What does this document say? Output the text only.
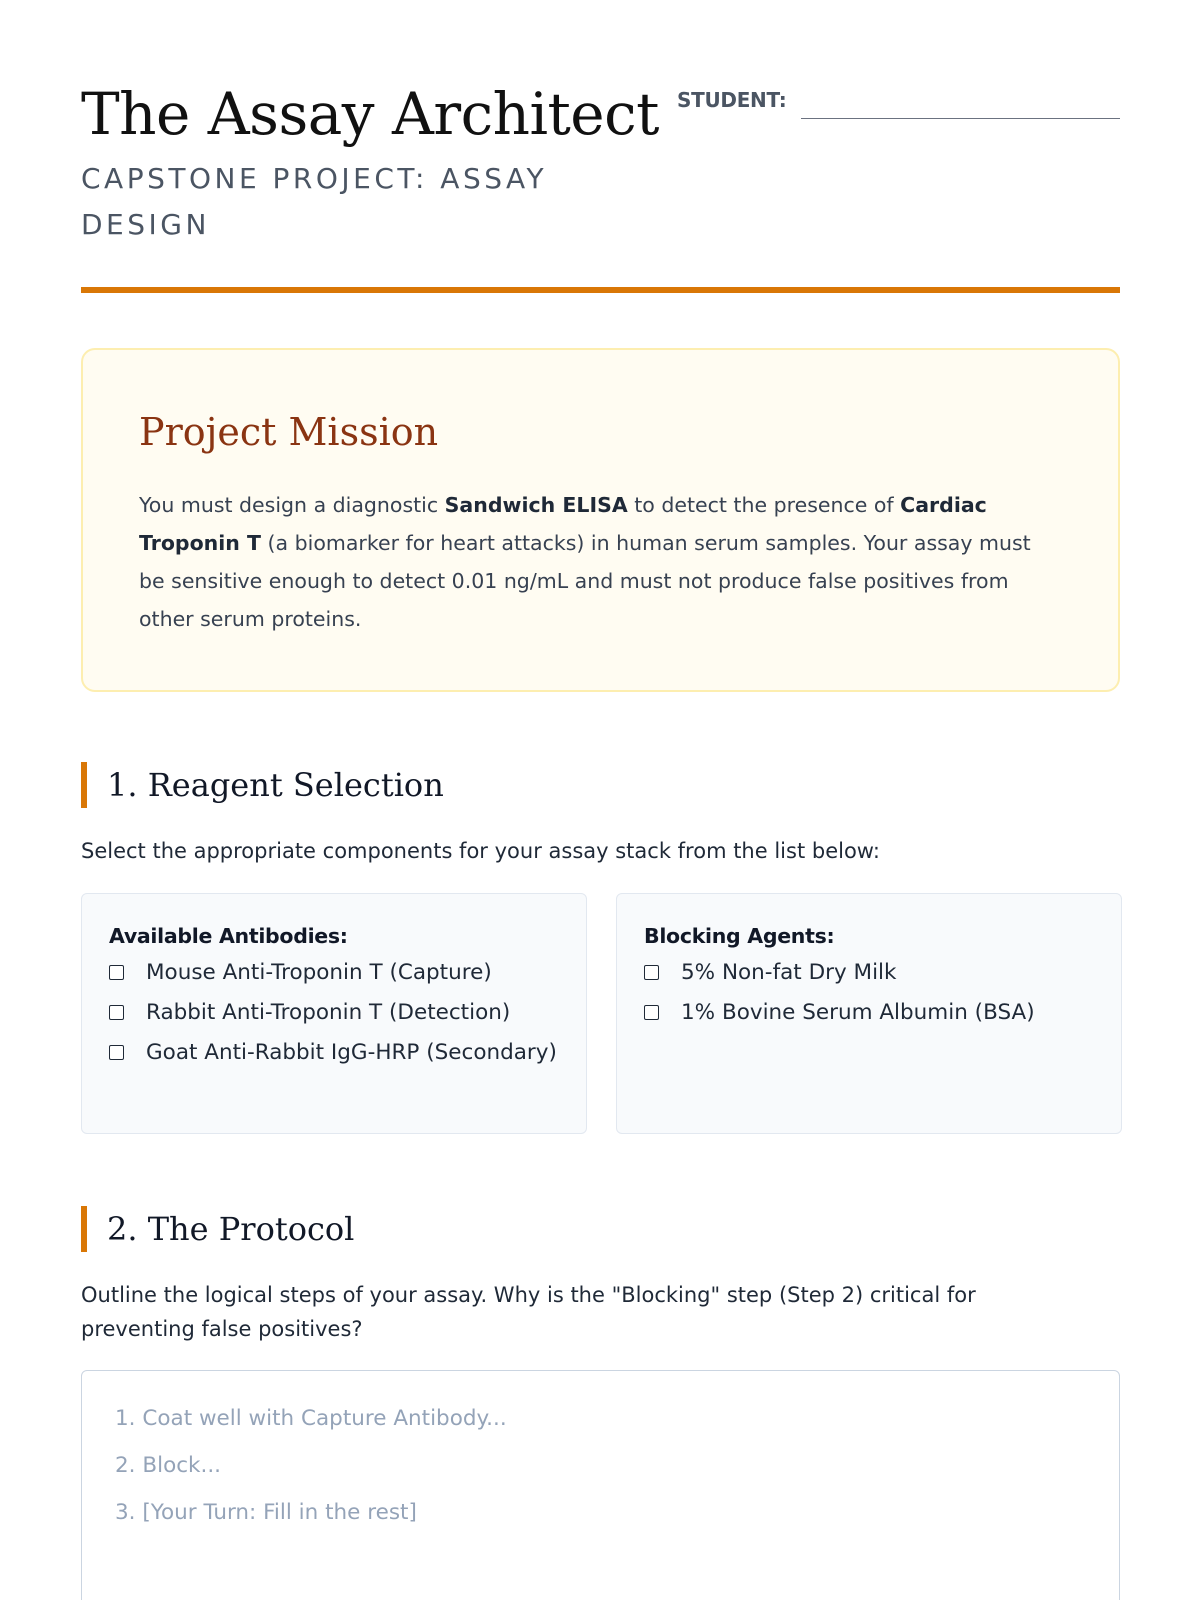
The Assay Architect
CAPSTONE PROJECT: ASSAY DESIGN
STUDENT:
Project Mission

You must design a diagnostic Sandwich ELISA to detect the presence of Cardiac Troponin T (a biomarker for heart attacks) in human serum samples. Your assay must be sensitive enough to detect 0.01 ng/mL and must not produce false positives from other serum proteins.

1. Reagent Selection
Select the appropriate components for your assay stack from the list below:
Available Antibodies:
Mouse Anti-Troponin T (Capture)
Rabbit Anti-Troponin T (Detection)
Goat Anti-Rabbit IgG-HRP (Secondary)
Blocking Agents:
5% Non-fat Dry Milk
1% Bovine Serum Albumin (BSA)
2. The Protocol
Outline the logical steps of your assay. Why is the "Blocking" step (Step 2) critical for preventing false positives?
1. Coat well with Capture Antibody...
2. Block...
3. [Your Turn: Fill in the rest]
